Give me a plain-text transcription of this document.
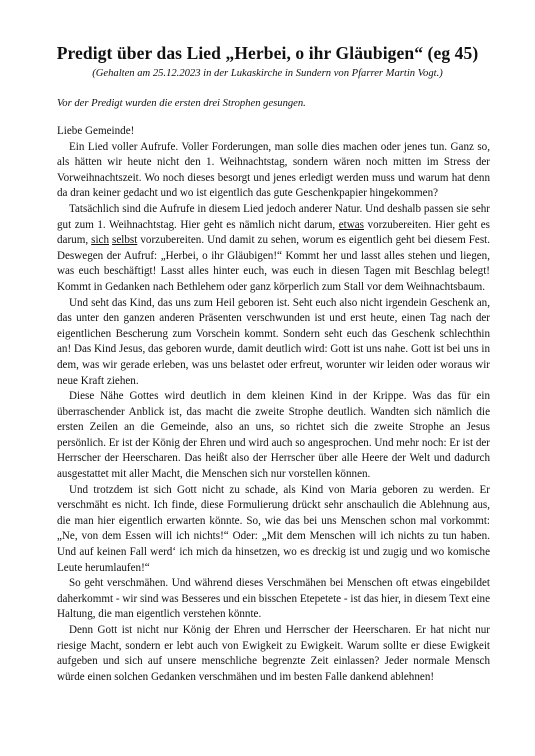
Predigt über das Lied „Herbei, o ihr Gläubigen“ (eg 45)
(Gehalten am 25.12.2023 in der Lukaskirche in Sundern von Pfarrer Martin Vogt.)
Vor der Predigt wurden die ersten drei Strophen gesungen.

Liebe Gemeinde!

Ein Lied voller Aufrufe. Voller Forderungen, man solle dies machen oder jenes tun. Ganz so, als hätten wir heute nicht den 1. Weihnachtstag, sondern wären noch mitten im Stress der Vorweihnachtszeit. Wo noch dieses besorgt und jenes erledigt werden muss und warum hat denn da dran keiner gedacht und wo ist eigentlich das gute Geschenkpapier hingekommen?

Tatsächlich sind die Aufrufe in diesem Lied jedoch anderer Natur. Und deshalb passen sie sehr gut zum 1. Weihnachtstag. Hier geht es nämlich nicht darum, etwas vorzubereiten. Hier geht es darum, sich selbst vorzubereiten. Und damit zu sehen, worum es eigentlich geht bei diesem Fest. Deswegen der Aufruf: „Herbei, o ihr Gläubigen!“ Kommt her und lasst alles stehen und liegen, was euch beschäftigt! Lasst alles hinter euch, was euch in diesen Tagen mit Beschlag belegt! Kommt in Gedanken nach Bethlehem oder ganz körperlich zum Stall vor dem Weihnachtsbaum.

Und seht das Kind, das uns zum Heil geboren ist. Seht euch also nicht irgendein Geschenk an, das unter den ganzen anderen Präsenten verschwunden ist und erst heute, einen Tag nach der eigentlichen Bescherung zum Vorschein kommt. Sondern seht euch das Geschenk schlechthin an! Das Kind Jesus, das geboren wurde, damit deutlich wird: Gott ist uns nahe. Gott ist bei uns in dem, was wir gerade erleben, was uns belastet oder erfreut, worunter wir leiden oder woraus wir neue Kraft ziehen.

Diese Nähe Gottes wird deutlich in dem kleinen Kind in der Krippe. Was das für ein überraschender Anblick ist, das macht die zweite Strophe deutlich. Wandten sich nämlich die ersten Zeilen an die Gemeinde, also an uns, so richtet sich die zweite Strophe an Jesus persönlich. Er ist der König der Ehren und wird auch so angesprochen. Und mehr noch: Er ist der Herrscher der Heerscharen. Das heißt also der Herrscher über alle Heere der Welt und dadurch ausgestattet mit aller Macht, die Menschen sich nur vorstellen können.

Und trotzdem ist sich Gott nicht zu schade, als Kind von Maria geboren zu werden. Er verschmäht es nicht. Ich finde, diese Formulierung drückt sehr anschaulich die Ablehnung aus, die man hier eigentlich erwarten könnte. So, wie das bei uns Menschen schon mal vorkommt: „Ne, von dem Essen will ich nichts!“ Oder: „Mit dem Menschen will ich nichts zu tun haben. Und auf keinen Fall werd‘ ich mich da hinsetzen, wo es dreckig ist und zugig und wo komische Leute herumlaufen!“

So geht verschmähen. Und während dieses Verschmähen bei Menschen oft etwas eingebildet daherkommt - wir sind was Besseres und ein bisschen Etepetete - ist das hier, in diesem Text eine Haltung, die man eigentlich verstehen könnte.

Denn Gott ist nicht nur König der Ehren und Herrscher der Heerscharen. Er hat nicht nur riesige Macht, sondern er lebt auch von Ewigkeit zu Ewigkeit. Warum sollte er diese Ewigkeit aufgeben und sich auf unsere menschliche begrenzte Zeit einlassen? Jeder normale Mensch würde einen solchen Gedanken verschmähen und im besten Falle dankend ablehnen!
